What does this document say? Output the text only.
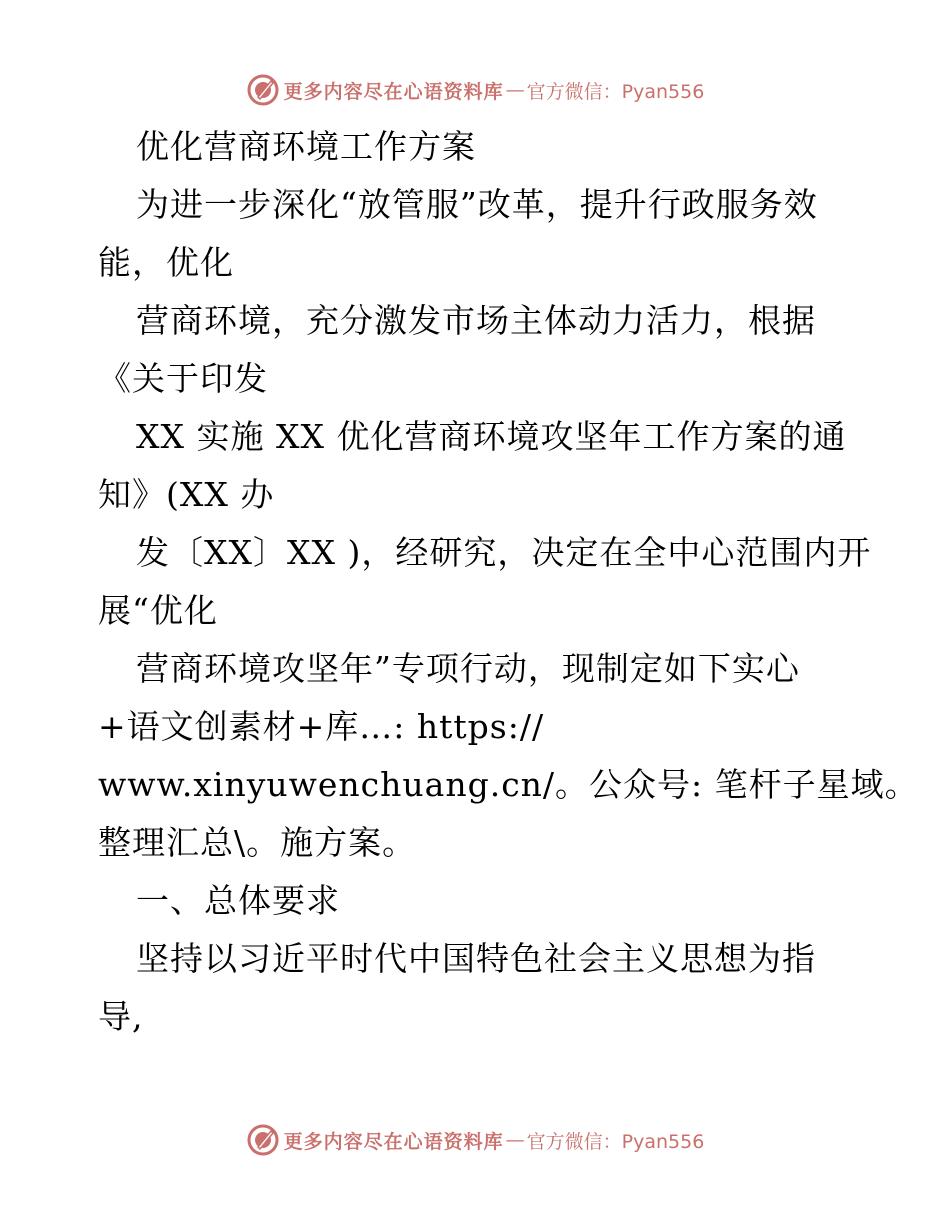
更多内容尽在心语资料库 — 官方微信：Pyan556
优化营商环境工作方案
为进一步深化“放管服”改革，提升行政服务效
能，优化
营商环境，充分激发市场主体动力活力，根据
《关于印发
XX 实施 XX 优化营商环境攻坚年工作方案的通
知》(XX 办
发〔XX〕XX )，经研究，决定在全中心范围内开
展“优化
营商环境攻坚年”专项行动，现制定如下实心
+语文创素材+库…: https://
www.xinyuwenchuang.cn/。公众号: 笔杆子星域。
整理汇总\。施方案。
一、总体要求
坚持以习近平时代中国特色社会主义思想为指
导,
更多内容尽在心语资料库 — 官方微信：Pyan556
